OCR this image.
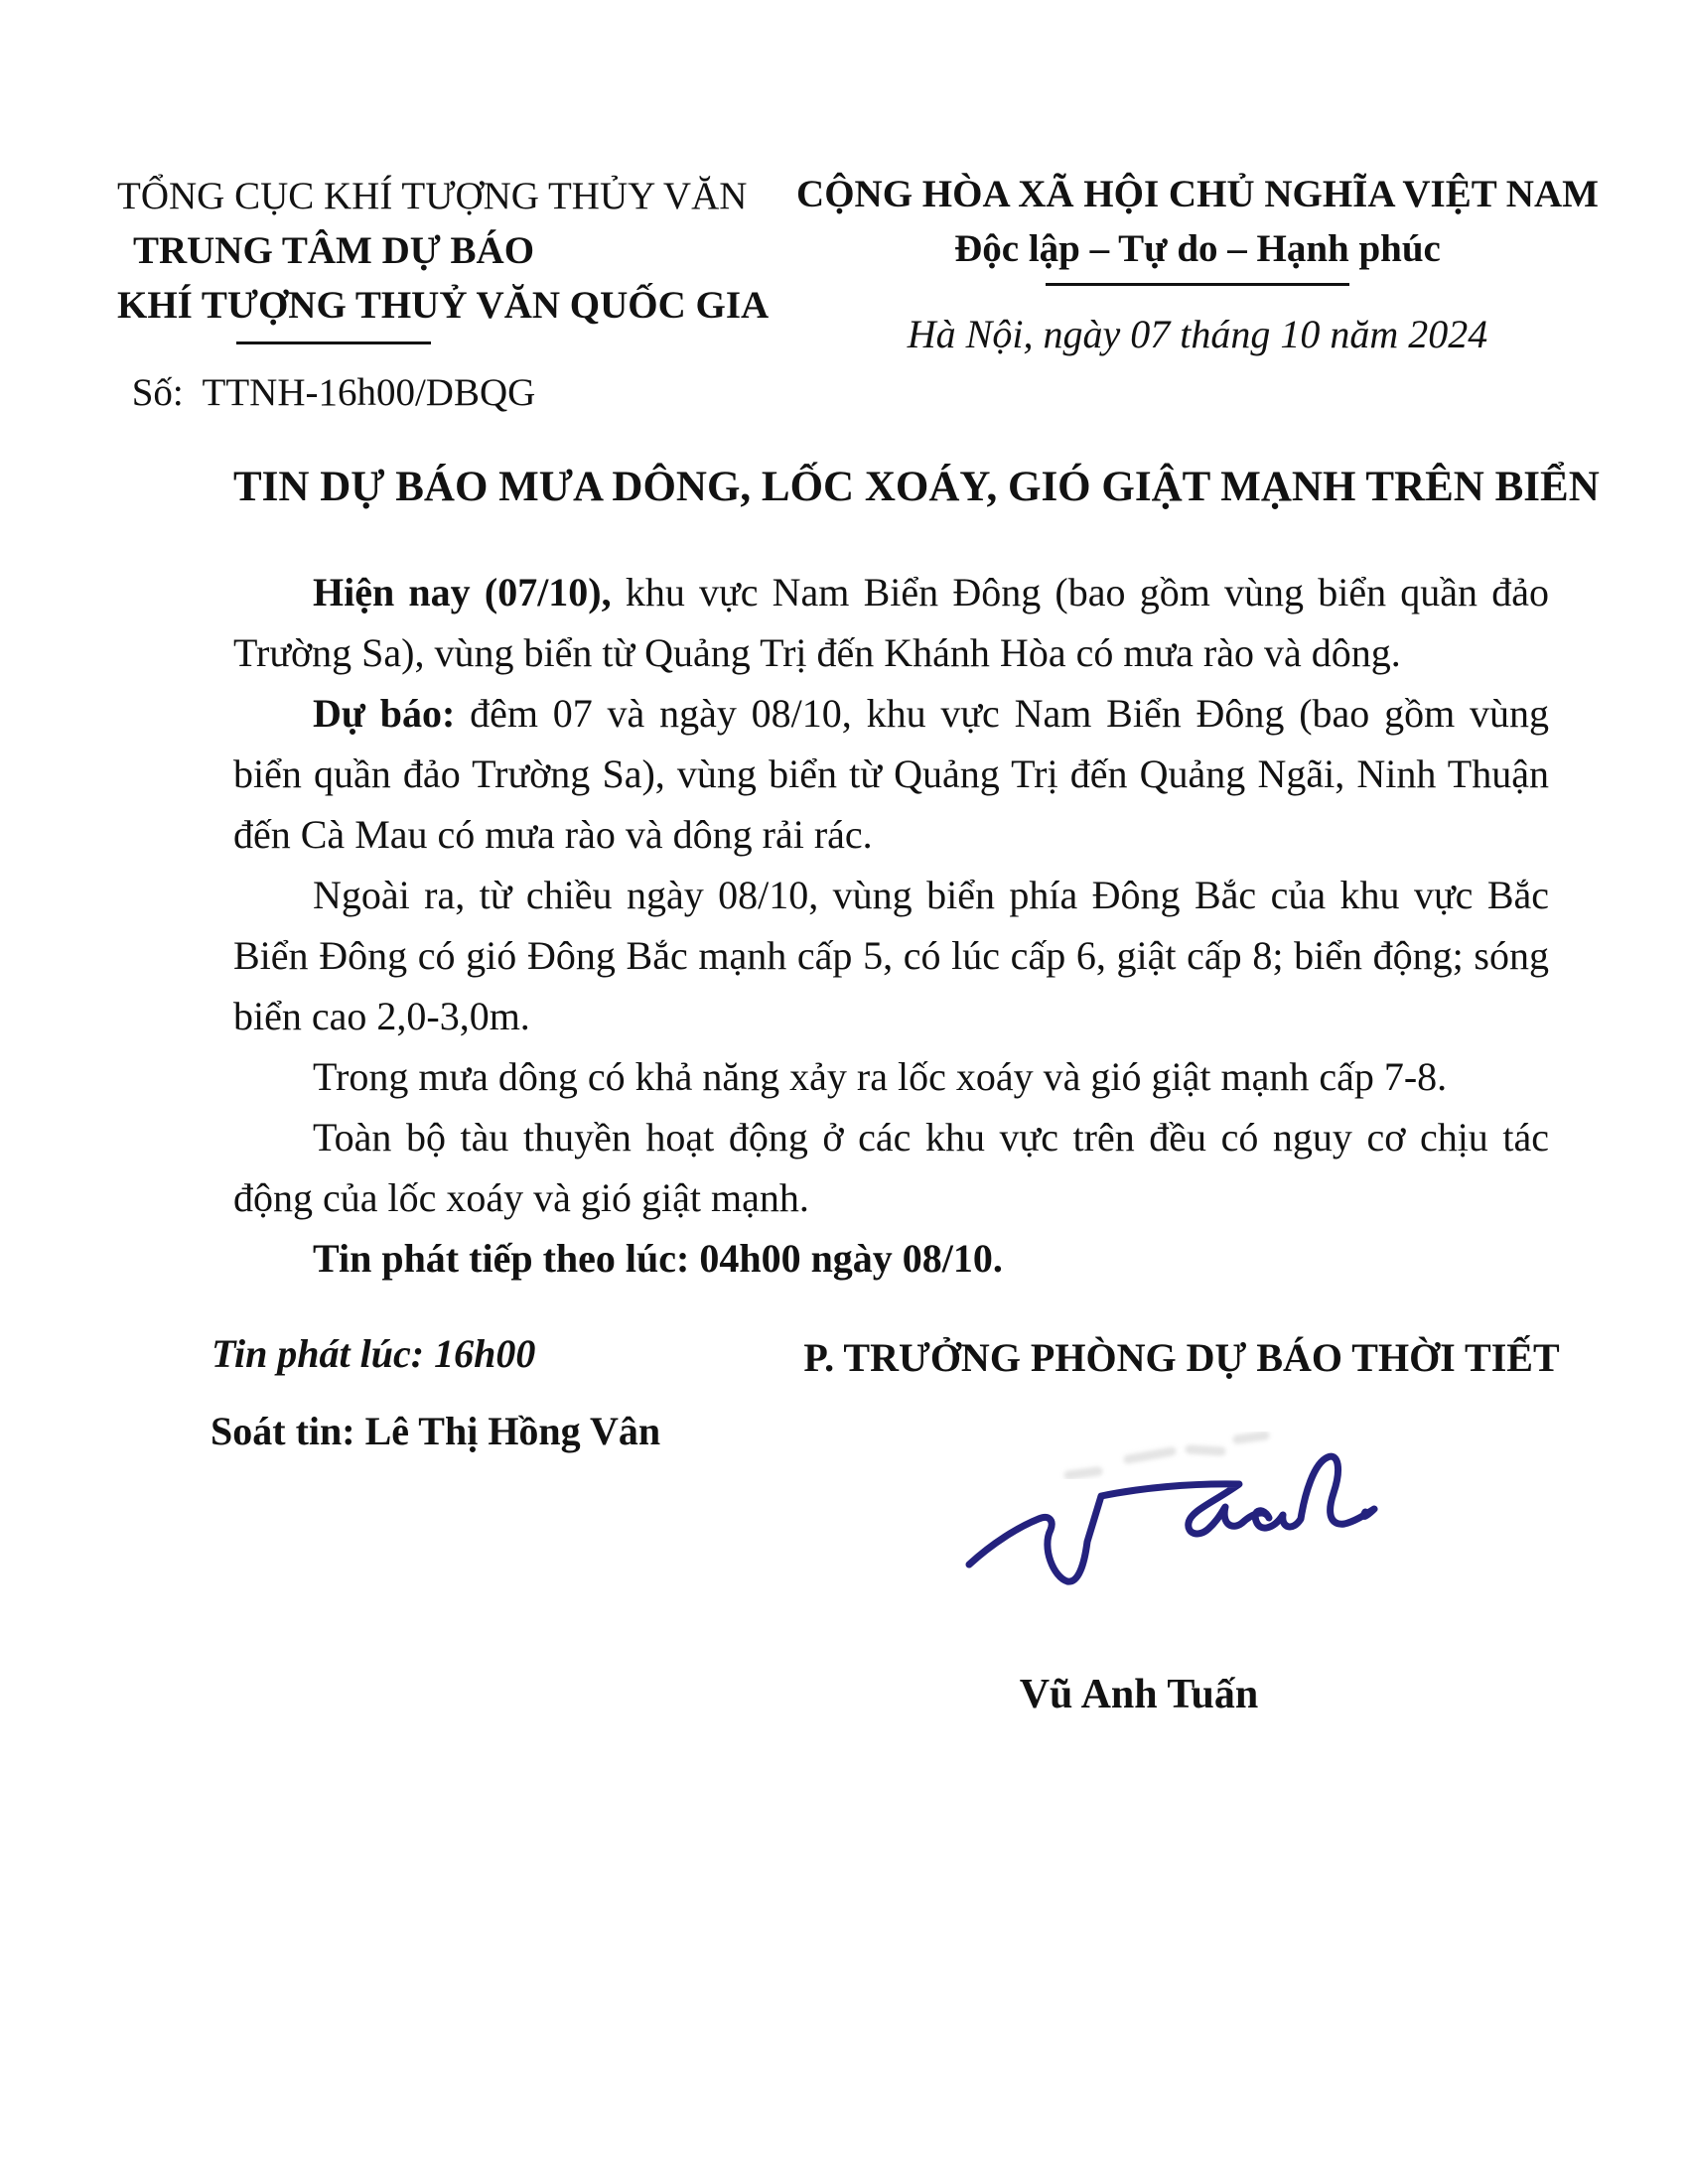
TỔNG CỤC KHÍ TƯỢNG THỦY VĂN
TRUNG TÂM DỰ BÁO
KHÍ TƯỢNG THUỶ VĂN QUỐC GIA
Số:  TTNH-16h00/DBQG
CỘNG HÒA XÃ HỘI CHỦ NGHĨA VIỆT NAM
Độc lập – Tự do – Hạnh phúc
Hà Nội, ngày 07 tháng 10 năm 2024
TIN DỰ BÁO MƯA DÔNG, LỐC XOÁY, GIÓ GIẬT MẠNH TRÊN BIỂN

Hiện nay (07/10), khu vực Nam Biển Đông (bao gồm vùng biển quần đảo Trường Sa), vùng biển từ Quảng Trị đến Khánh Hòa có mưa rào và dông.

Dự báo: đêm 07 và ngày 08/10, khu vực Nam Biển Đông (bao gồm vùng biển quần đảo Trường Sa), vùng biển từ Quảng Trị đến Quảng Ngãi, Ninh Thuận đến Cà Mau có mưa rào và dông rải rác.

Ngoài ra, từ chiều ngày 08/10, vùng biển phía Đông Bắc của khu vực Bắc Biển Đông có gió Đông Bắc mạnh cấp 5, có lúc cấp 6, giật cấp 8; biển động; sóng biển cao 2,0-3,0m.

Trong mưa dông có khả năng xảy ra lốc xoáy và gió giật mạnh cấp 7-8.

Toàn bộ tàu thuyền hoạt động ở các khu vực trên đều có nguy cơ chịu tác động của lốc xoáy và gió giật mạnh.

Tin phát tiếp theo lúc: 04h00 ngày 08/10.

Tin phát lúc: 16h00	P. TRƯỞNG PHÒNG DỰ BÁO THỜI TIẾT
Soát tin: Lê Thị Hồng Vân
Vũ Anh Tuấn
